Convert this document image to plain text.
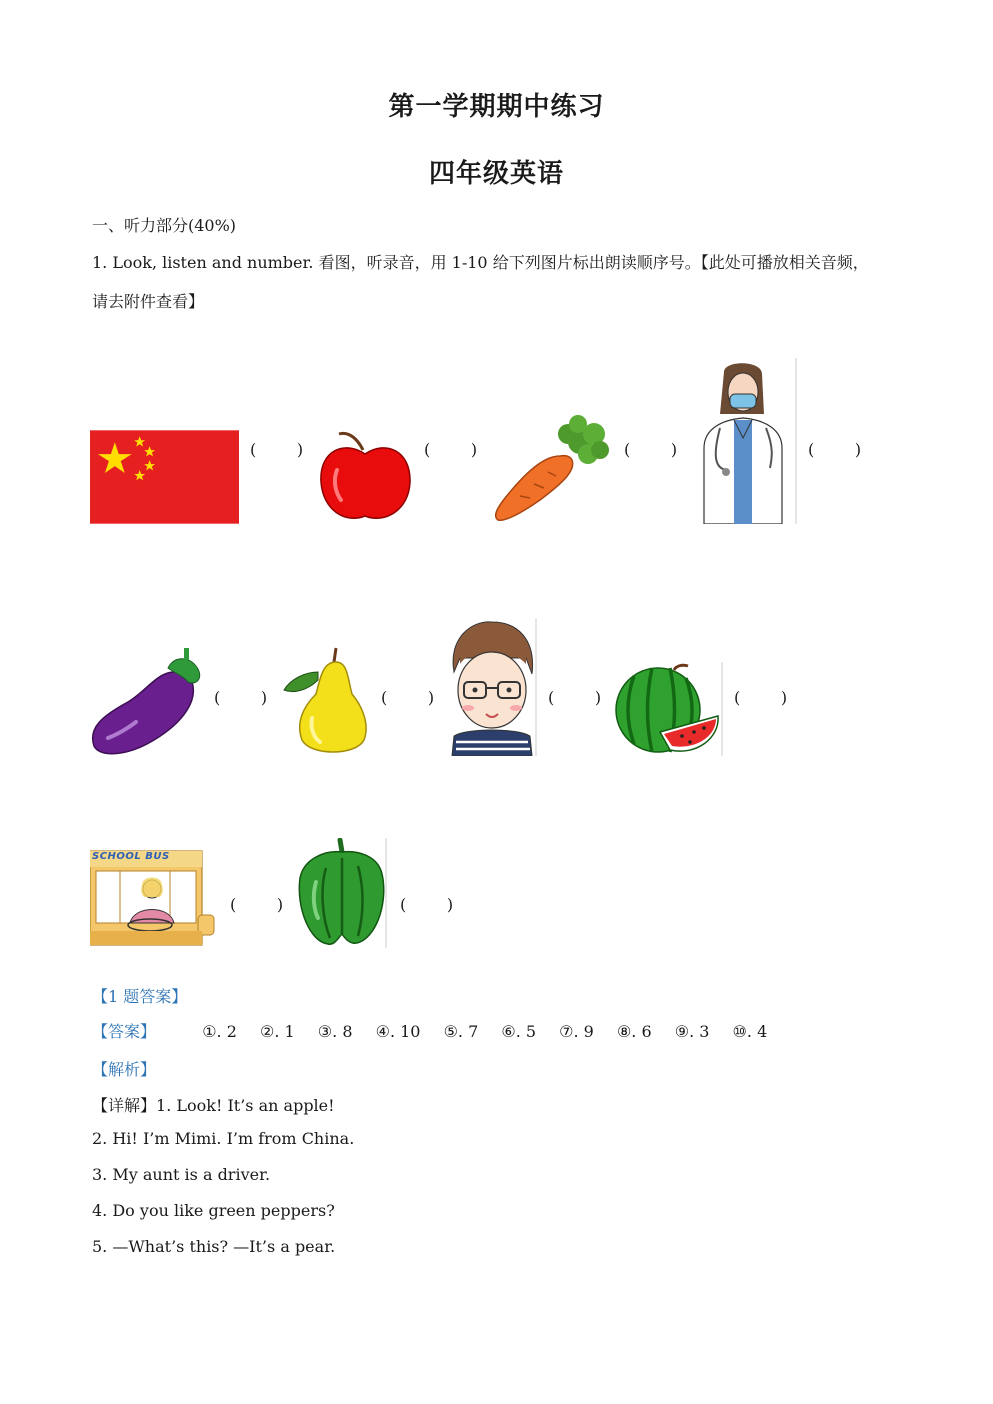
第一学期期中练习
四年级英语
一、听力部分(40%)
1. Look, listen and number. 看图，听录音，用 1-10 给下列图片标出朗读顺序号。【此处可播放相关音频，
请去附件查看】
(        )	(        )	(        )	(        )
(        )	(        )	(        )	(        )
SCHOOL BUS
(        )	(        )
【1 题答案】
【答案】	①. 2 ②. 1 ③. 8 ④. 10 ⑤. 7 ⑥. 5 ⑦. 9 ⑧. 6 ⑨. 3 ⑩. 4
【解析】
【详解】1. Look! It’s an apple!
2. Hi! I’m Mimi. I’m from China.
3. My aunt is a driver.
4. Do you like green peppers?
5. —What’s this? —It’s a pear.
